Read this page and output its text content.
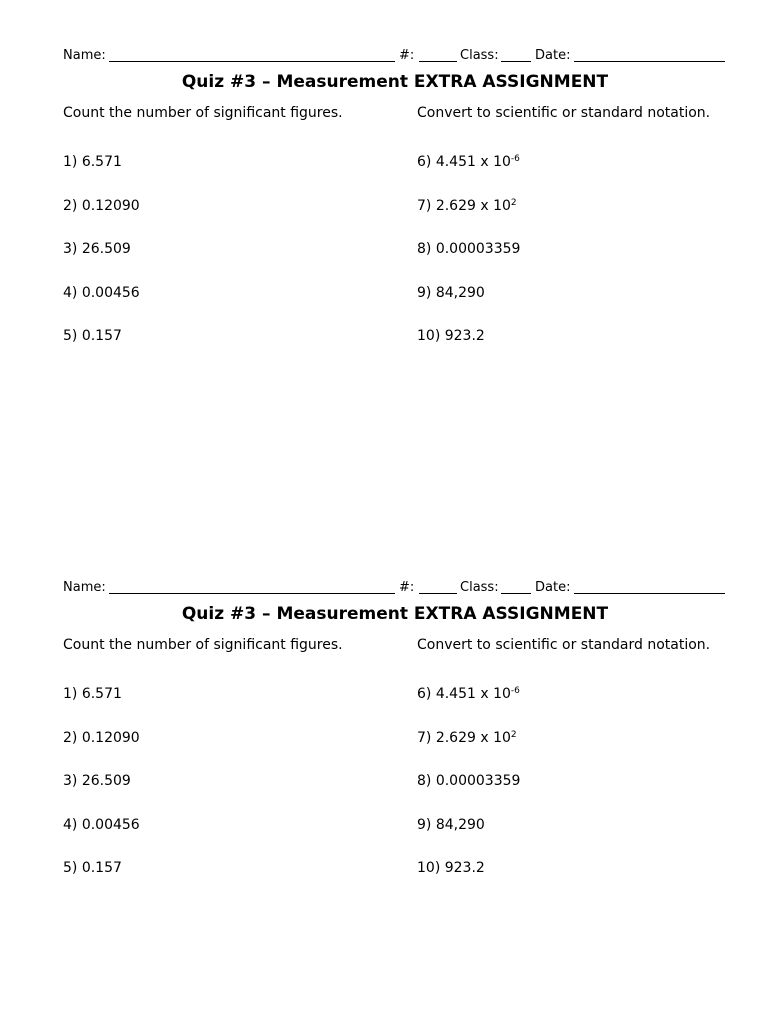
Name:	#:	Class:	Date:
Quiz #3 – Measurement EXTRA ASSIGNMENT
Count the number of significant figures.	Convert to scientific or standard notation.
1) 6.571
2) 0.12090
3) 26.509
4) 0.00456
5) 0.157
6) 4.451 x $10^{-6}$
7) 2.629 x $10^2$
8) 0.00003359
9) 84,290
10) 923.2
Name:	#:	Class:	Date:
Quiz #3 – Measurement EXTRA ASSIGNMENT
Count the number of significant figures.	Convert to scientific or standard notation.
1) 6.571
2) 0.12090
3) 26.509
4) 0.00456
5) 0.157
6) 4.451 x $10^{-6}$
7) 2.629 x $10^2$
8) 0.00003359
9) 84,290
10) 923.2
